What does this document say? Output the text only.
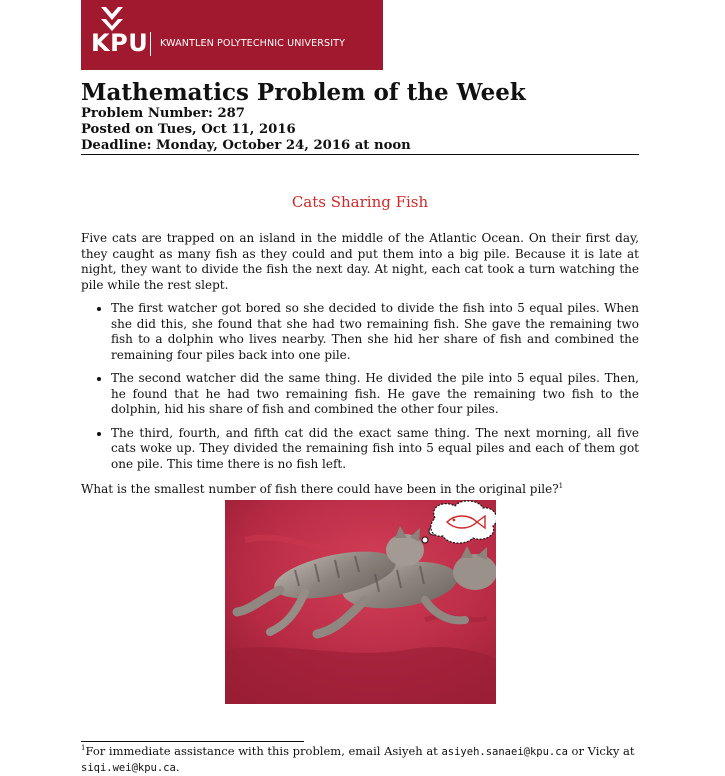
KPU KWANTLEN POLYTECHNIC UNIVERSITY
Mathematics Problem of the Week

Problem Number: 287

Posted on Tues, Oct 11, 2016

Deadline: Monday, October 24, 2016 at noon

Cats Sharing Fish

Five cats are trapped on an island in the middle of the Atlantic Ocean. On their first day, they caught as many fish as they could and put them into a big pile. Because it is late at night, they want to divide the fish the next day. At night, each cat took a turn watching the pile while the rest slept.

• The first watcher got bored so she decided to divide the fish into 5 equal piles. When she did this, she found that she had two remaining fish. She gave the remaining two fish to a dolphin who lives nearby. Then she hid her share of fish and combined the remaining four piles back into one pile.
• The second watcher did the same thing. He divided the pile into 5 equal piles. Then, he found that he had two remaining fish. He gave the remaining two fish to the dolphin, hid his share of fish and combined the other four piles.
• The third, fourth, and fifth cat did the exact same thing. The next morning, all five cats woke up. They divided the remaining fish into 5 equal piles and each of them got one pile. This time there is no fish left.

What is the smallest number of fish there could have been in the original pile?$^1$

$^1$For immediate assistance with this problem, email Asiyeh at asiyeh.sanaei@kpu.ca or Vicky at siqi.wei@kpu.ca.
